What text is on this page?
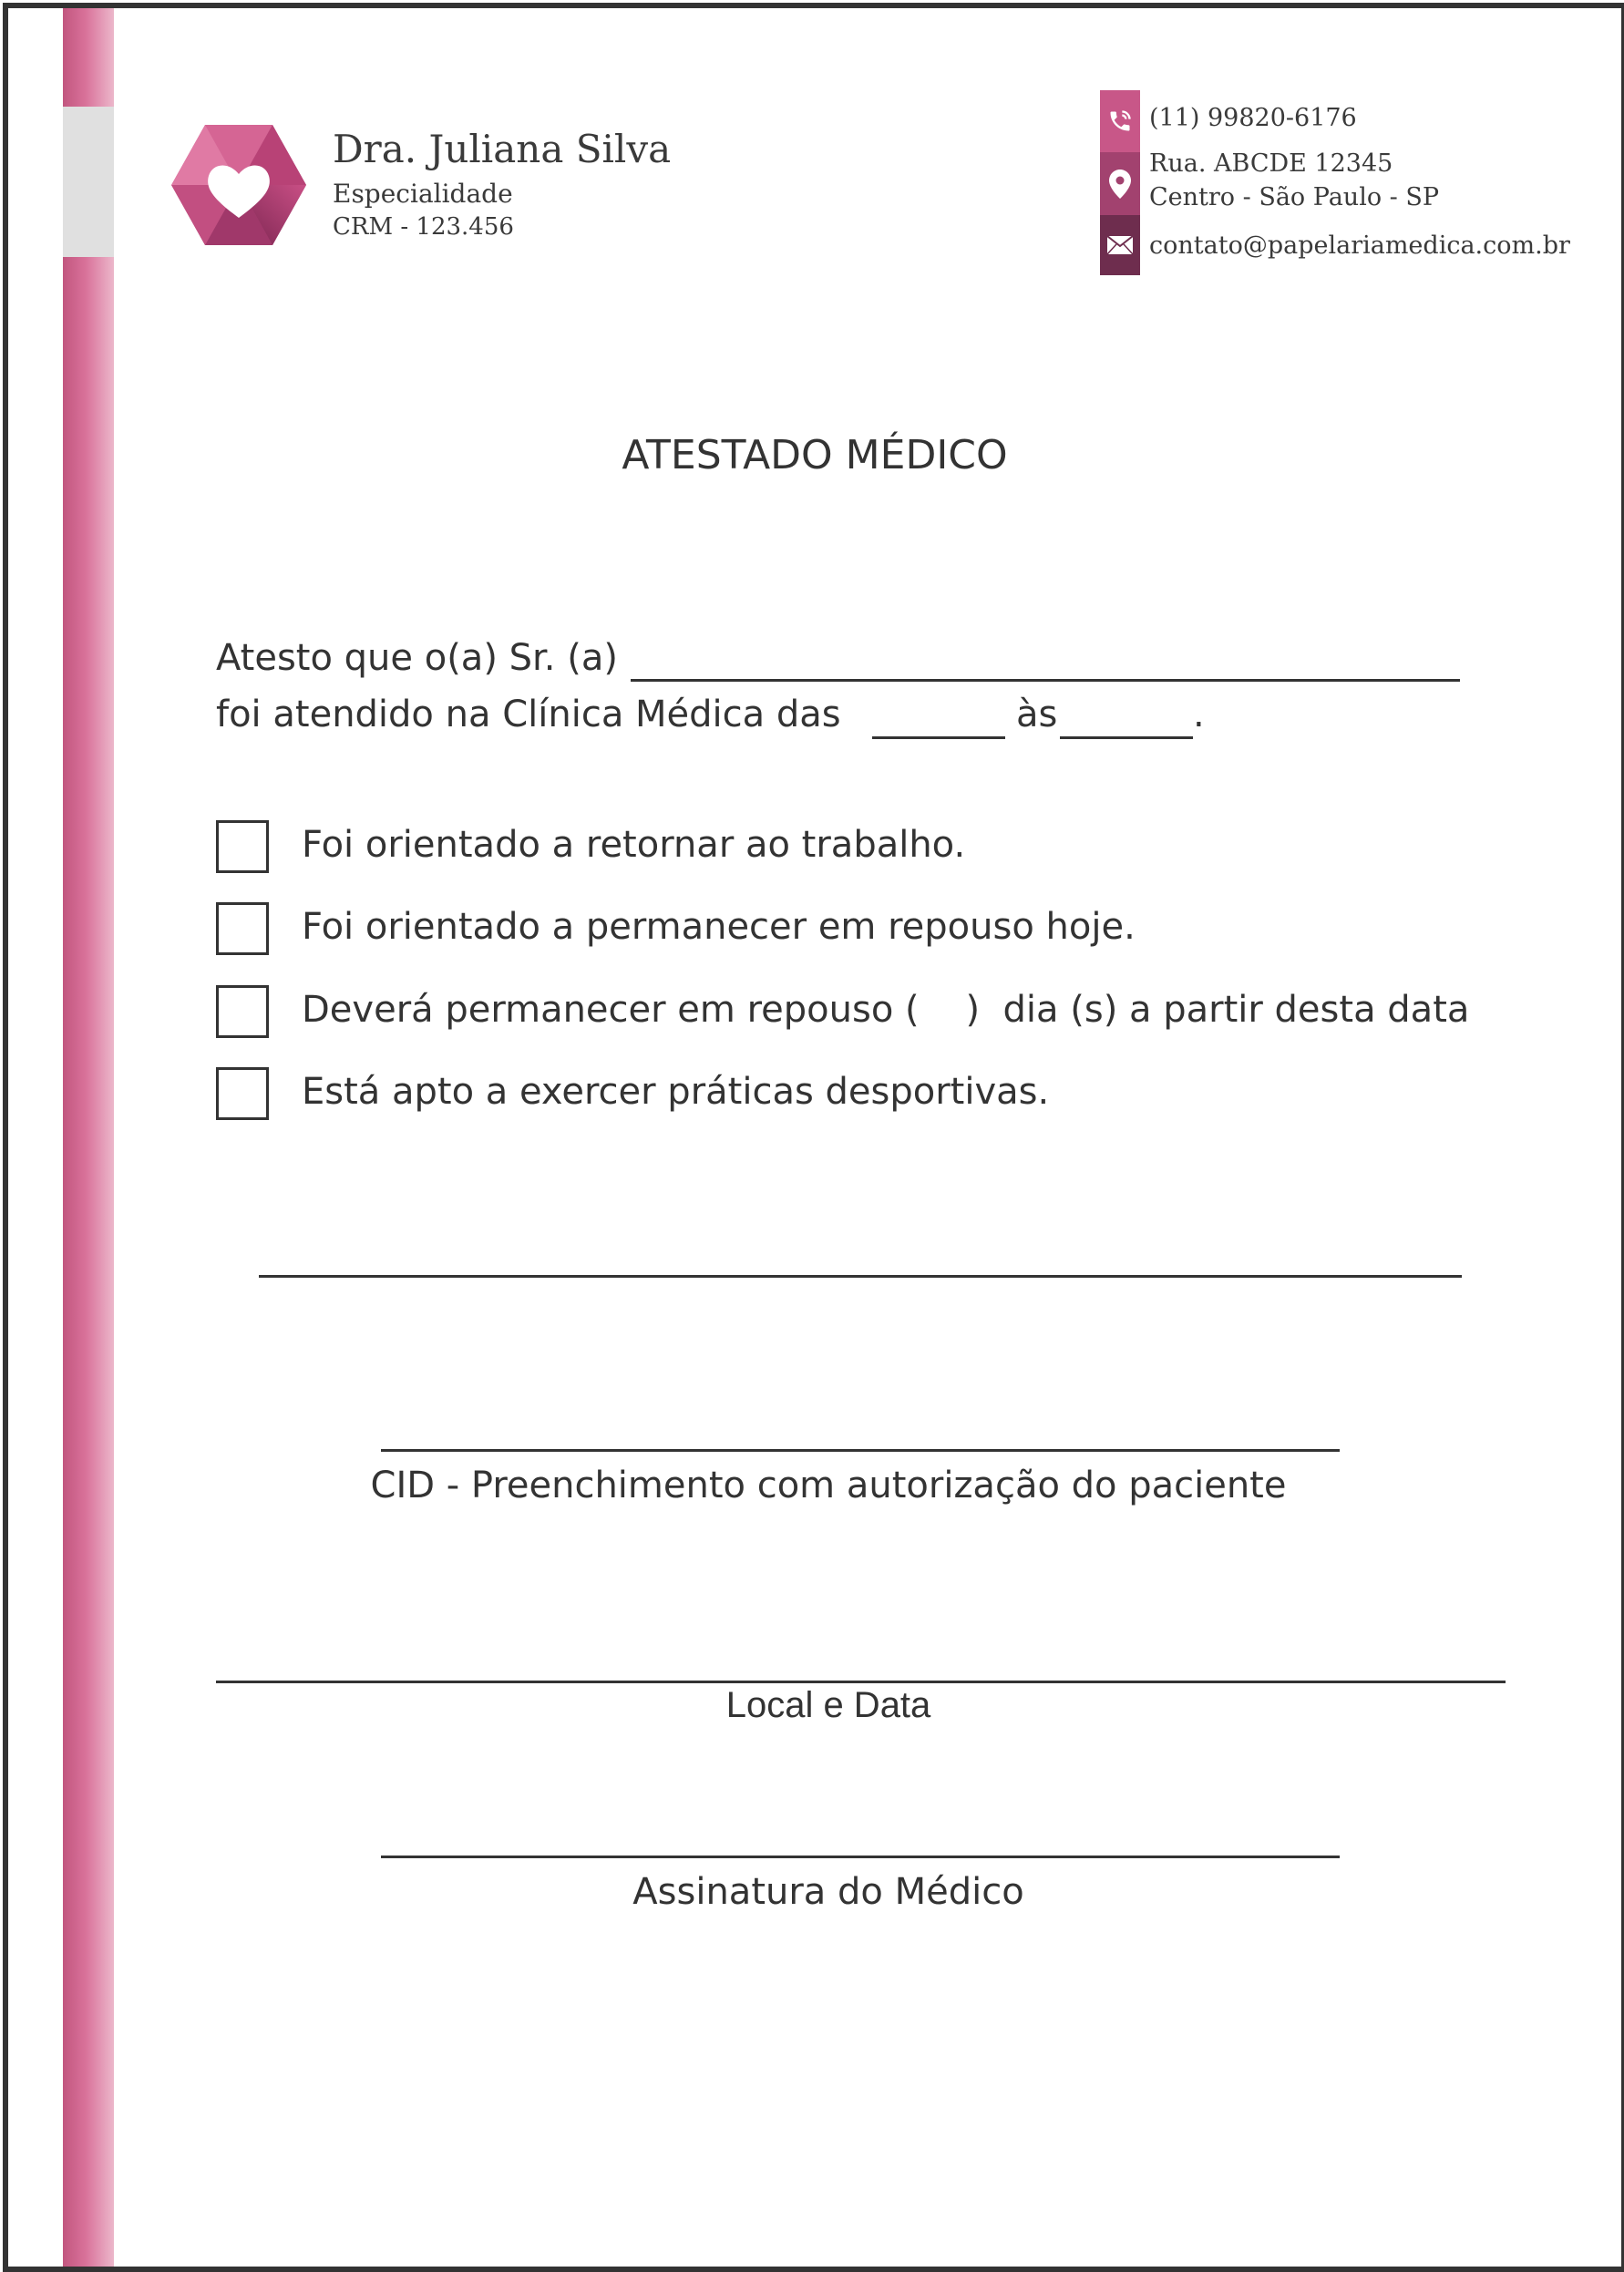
Dra. Juliana Silva
Especialidade
CRM - 123.456
(11) 99820-6176
Rua. ABCDE 12345
Centro - São Paulo - SP
contato@papelariamedica.com.br
ATESTADO MÉDICO
Atesto que o(a) Sr. (a)
foi atendido na Clínica Médica das	às	.
Foi orientado a retornar ao trabalho.
Foi orientado a permanecer em repouso hoje.
Deverá permanecer em repouso (    )  dia (s) a partir desta data
Está apto a exercer práticas desportivas.
CID - Preenchimento com autorização do paciente
Local e Data
Assinatura do Médico
